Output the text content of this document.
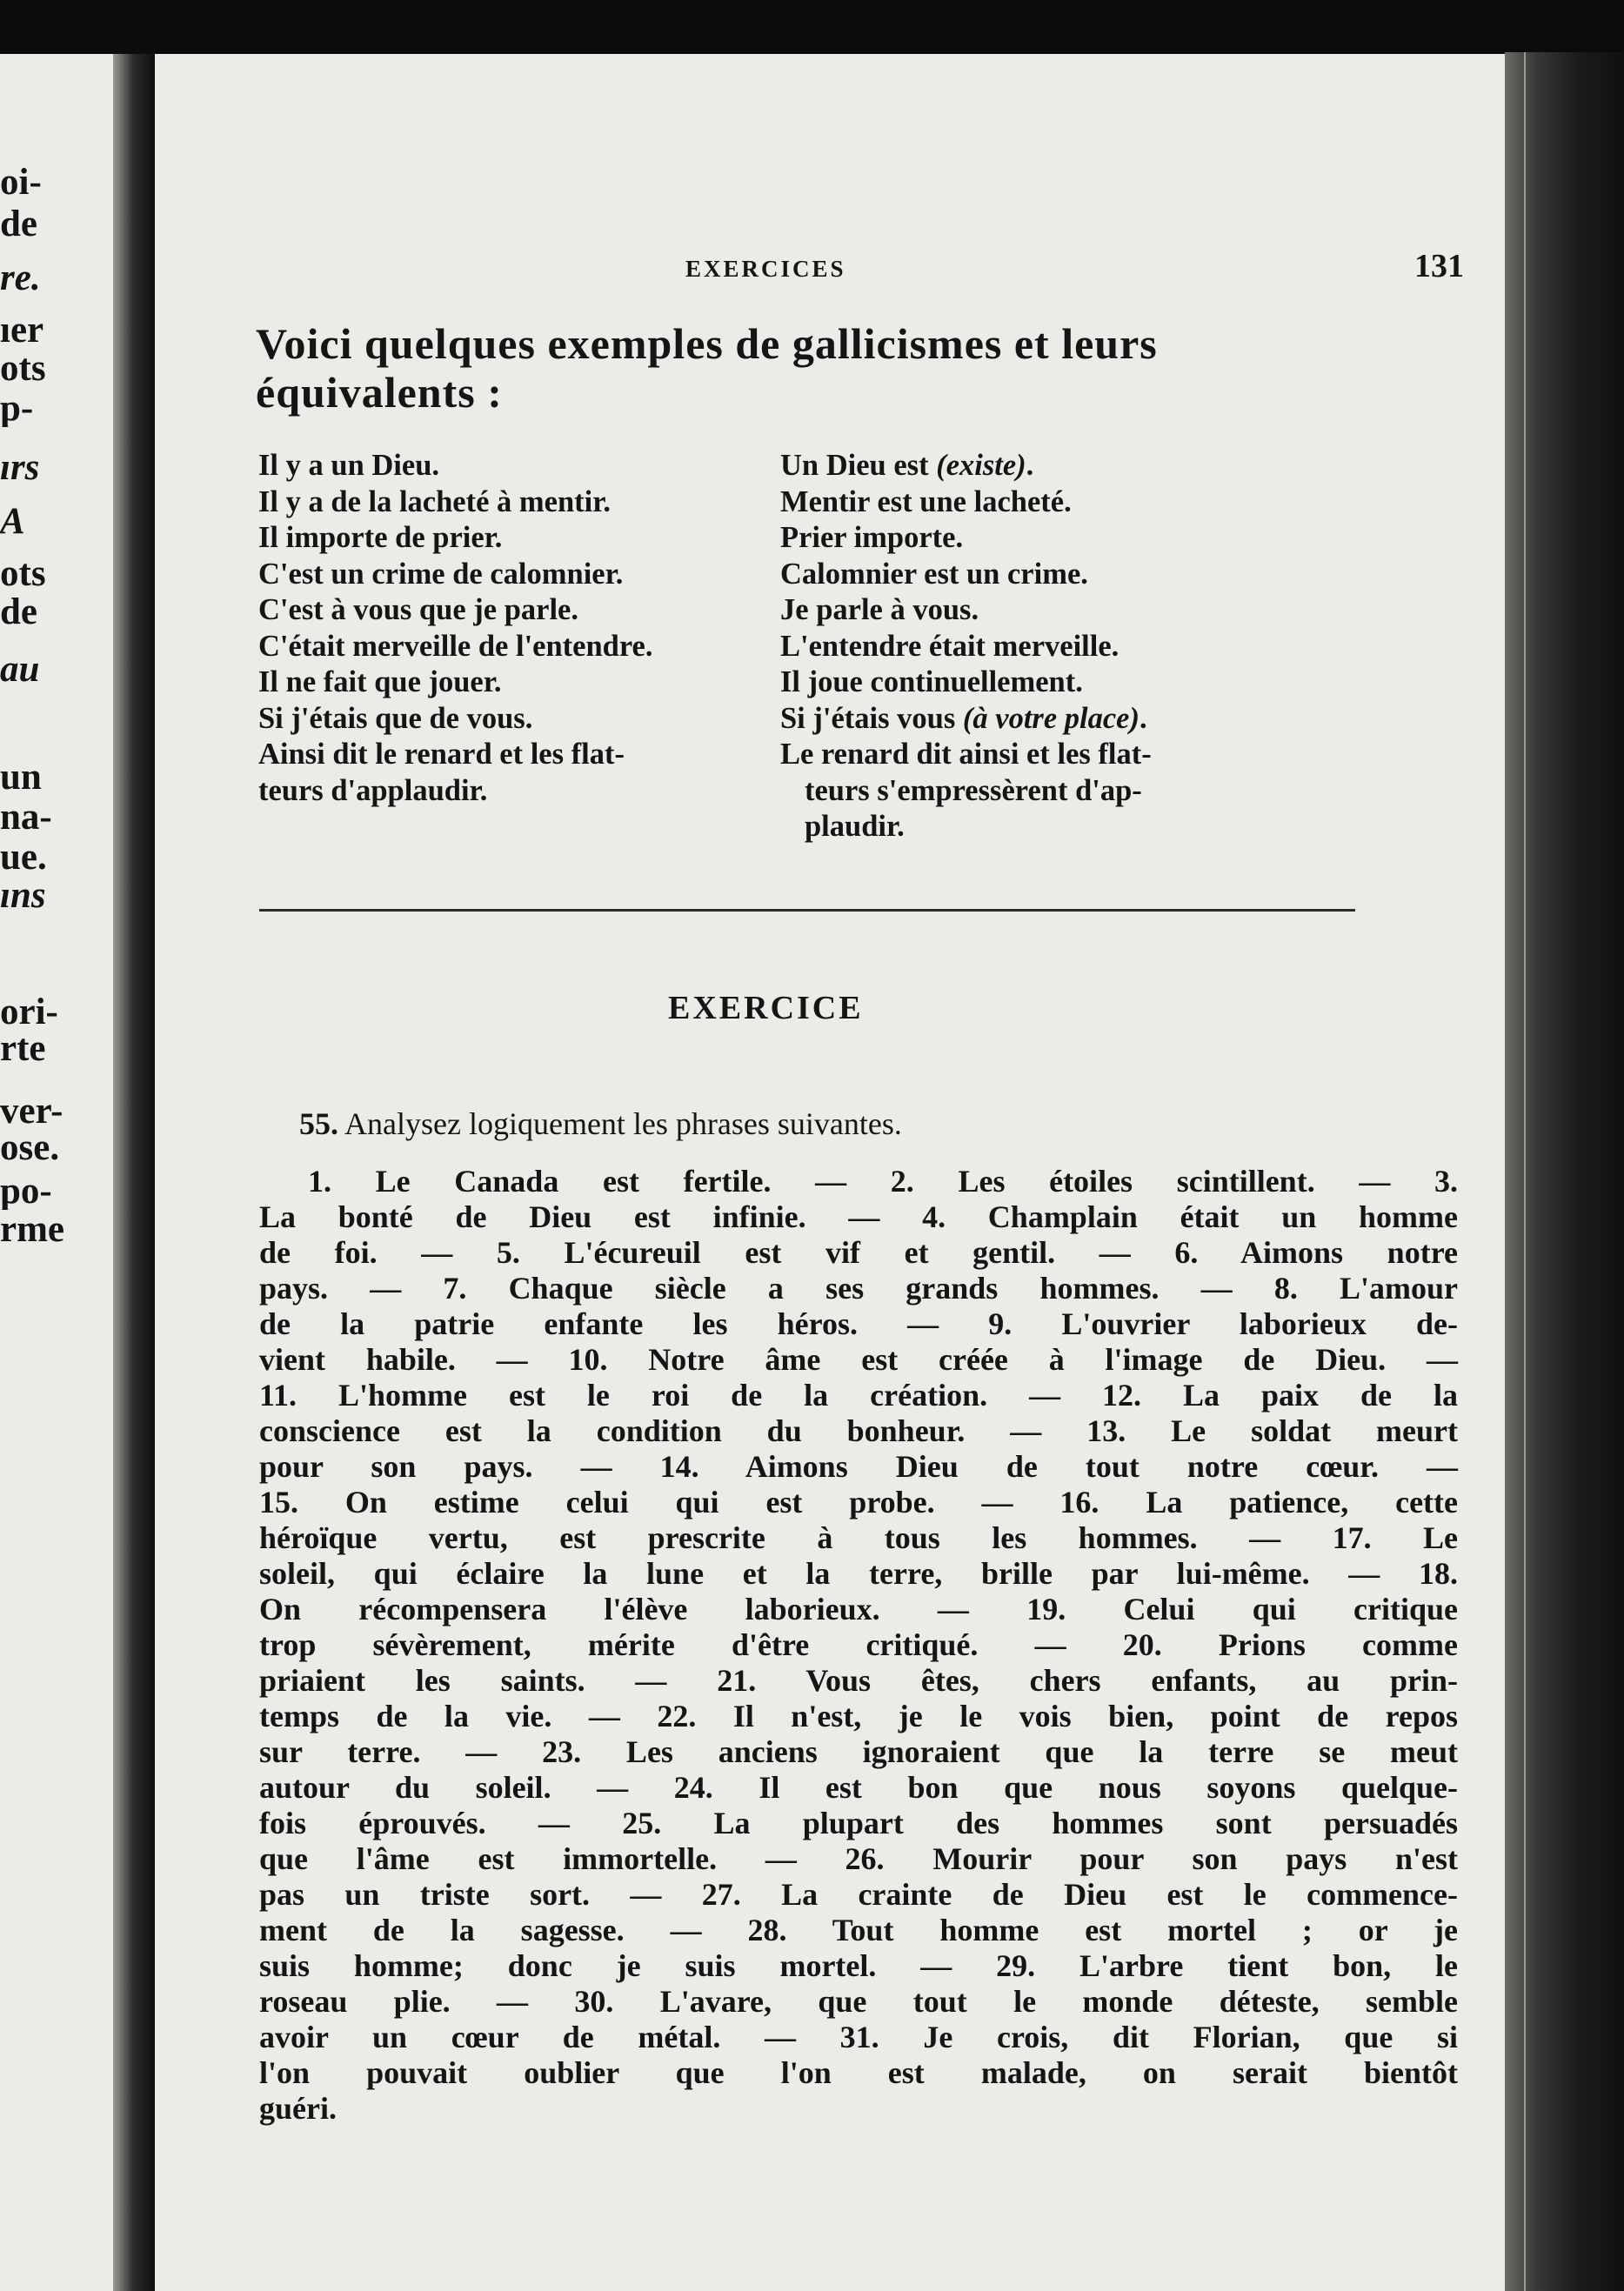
oi-
de
re.
ıer
ots
p-
ırs
A
ots
de
au
un
na-
ue.
ıns
ori-
rte
ver-
ose.
po-
rme
EXERCICES	131

Voici quelques exemples de gallicismes et leurs
équivalents :

Il y a un Dieu.	Un Dieu est (existe).
Il y a de la lacheté à mentir.	Mentir est une lacheté.
Il importe de prier.	Prier importe.
C'est un crime de calomnier.	Calomnier est un crime.
C'est à vous que je parle.	Je parle à vous.
C'était merveille de l'entendre.	L'entendre était merveille.
Il ne fait que jouer.	Il joue continuellement.
Si j'étais que de vous.	Si j'étais vous (à votre place).
Ainsi dit le renard et les flat-	Le renard dit ainsi et les flat-
teurs d'applaudir.	teurs s'empressèrent d'ap-
plaudir.
EXERCICE
55. Analysez logiquement les phrases suivantes.
1. Le Canada est fertile. — 2. Les étoiles scintillent. — 3.
La bonté de Dieu est infinie. — 4. Champlain était un homme
de foi. — 5. L'écureuil est vif et gentil. — 6. Aimons notre
pays. — 7. Chaque siècle a ses grands hommes. — 8. L'amour
de la patrie enfante les héros. — 9. L'ouvrier laborieux de-
vient habile. — 10. Notre âme est créée à l'image de Dieu. —
11. L'homme est le roi de la création. — 12. La paix de la
conscience est la condition du bonheur. — 13. Le soldat meurt
pour son pays. — 14. Aimons Dieu de tout notre cœur. —
15. On estime celui qui est probe. — 16. La patience, cette
héroïque vertu, est prescrite à tous les hommes. — 17. Le
soleil, qui éclaire la lune et la terre, brille par lui-même. — 18.
On récompensera l'élève laborieux. — 19. Celui qui critique
trop sévèrement, mérite d'être critiqué. — 20. Prions comme
priaient les saints. — 21. Vous êtes, chers enfants, au prin-
temps de la vie. — 22. Il n'est, je le vois bien, point de repos
sur terre. — 23. Les anciens ignoraient que la terre se meut
autour du soleil. — 24. Il est bon que nous soyons quelque-
fois éprouvés. — 25. La plupart des hommes sont persuadés
que l'âme est immortelle. — 26. Mourir pour son pays n'est
pas un triste sort. — 27. La crainte de Dieu est le commence-
ment de la sagesse. — 28. Tout homme est mortel ; or je
suis homme; donc je suis mortel. — 29. L'arbre tient bon, le
roseau plie. — 30. L'avare, que tout le monde déteste, semble
avoir un cœur de métal. — 31. Je crois, dit Florian, que si
l'on pouvait oublier que l'on est malade, on serait bientôt
guéri.
